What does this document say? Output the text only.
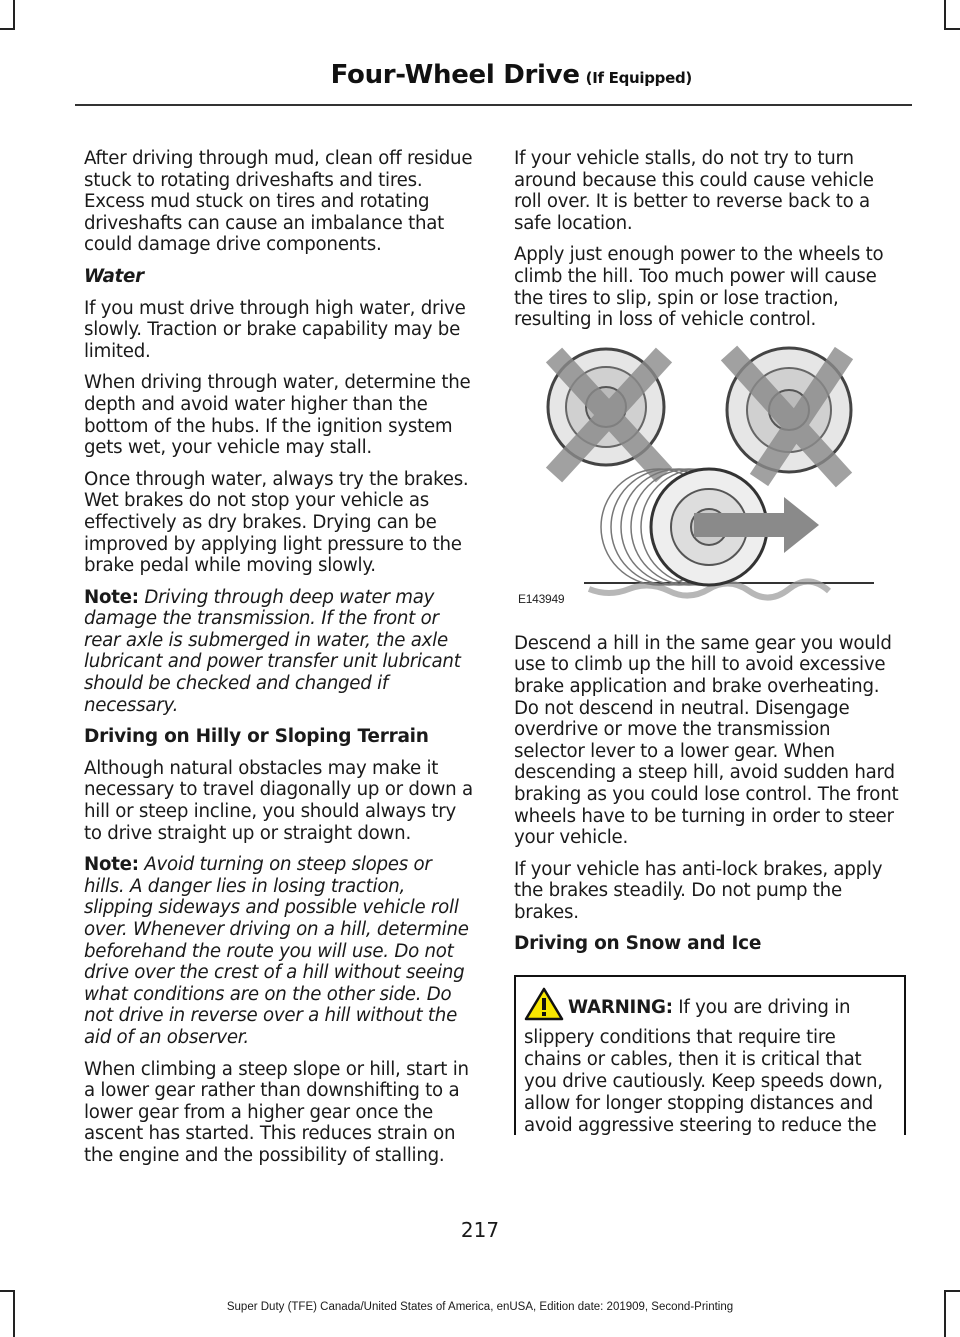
Four-Wheel Drive (If Equipped)

After driving through mud, clean off residue stuck to rotating driveshafts and tires. Excess mud stuck on tires and rotating driveshafts can cause an imbalance that could damage drive components.

Water

If you must drive through high water, drive slowly. Traction or brake capability may be limited.

When driving through water, determine the depth and avoid water higher than the bottom of the hubs. If the ignition system gets wet, your vehicle may stall.

Once through water, always try the brakes. Wet brakes do not stop your vehicle as effectively as dry brakes. Drying can be improved by applying light pressure to the brake pedal while moving slowly.

Note: Driving through deep water may damage the transmission. If the front or rear axle is submerged in water, the axle lubricant and power transfer unit lubricant should be checked and changed if necessary.

Driving on Hilly or Sloping Terrain

Although natural obstacles may make it necessary to travel diagonally up or down a hill or steep incline, you should always try to drive straight up or straight down.

Note: Avoid turning on steep slopes or hills. A danger lies in losing traction, slipping sideways and possible vehicle roll over. Whenever driving on a hill, determine beforehand the route you will use. Do not drive over the crest of a hill without seeing what conditions are on the other side. Do not drive in reverse over a hill without the aid of an observer.

When climbing a steep slope or hill, start in a lower gear rather than downshifting to a lower gear from a higher gear once the ascent has started. This reduces strain on the engine and the possibility of stalling.

If your vehicle stalls, do not try to turn around because this could cause vehicle roll over. It is better to reverse back to a safe location.

Apply just enough power to the wheels to climb the hill. Too much power will cause the tires to slip, spin or lose traction, resulting in loss of vehicle control.

E143949

Descend a hill in the same gear you would use to climb up the hill to avoid excessive brake application and brake overheating. Do not descend in neutral. Disengage overdrive or move the transmission selector lever to a lower gear. When descending a steep hill, avoid sudden hard braking as you could lose control. The front wheels have to be turning in order to steer your vehicle.

If your vehicle has anti-lock brakes, apply the brakes steadily. Do not pump the brakes.

Driving on Snow and Ice

WARNING: If you are driving in slippery conditions that require tire chains or cables, then it is critical that you drive cautiously. Keep speeds down, allow for longer stopping distances and avoid aggressive steering to reduce the
217
Super Duty (TFE) Canada/United States of America, enUSA, Edition date: 201909, Second-Printing
